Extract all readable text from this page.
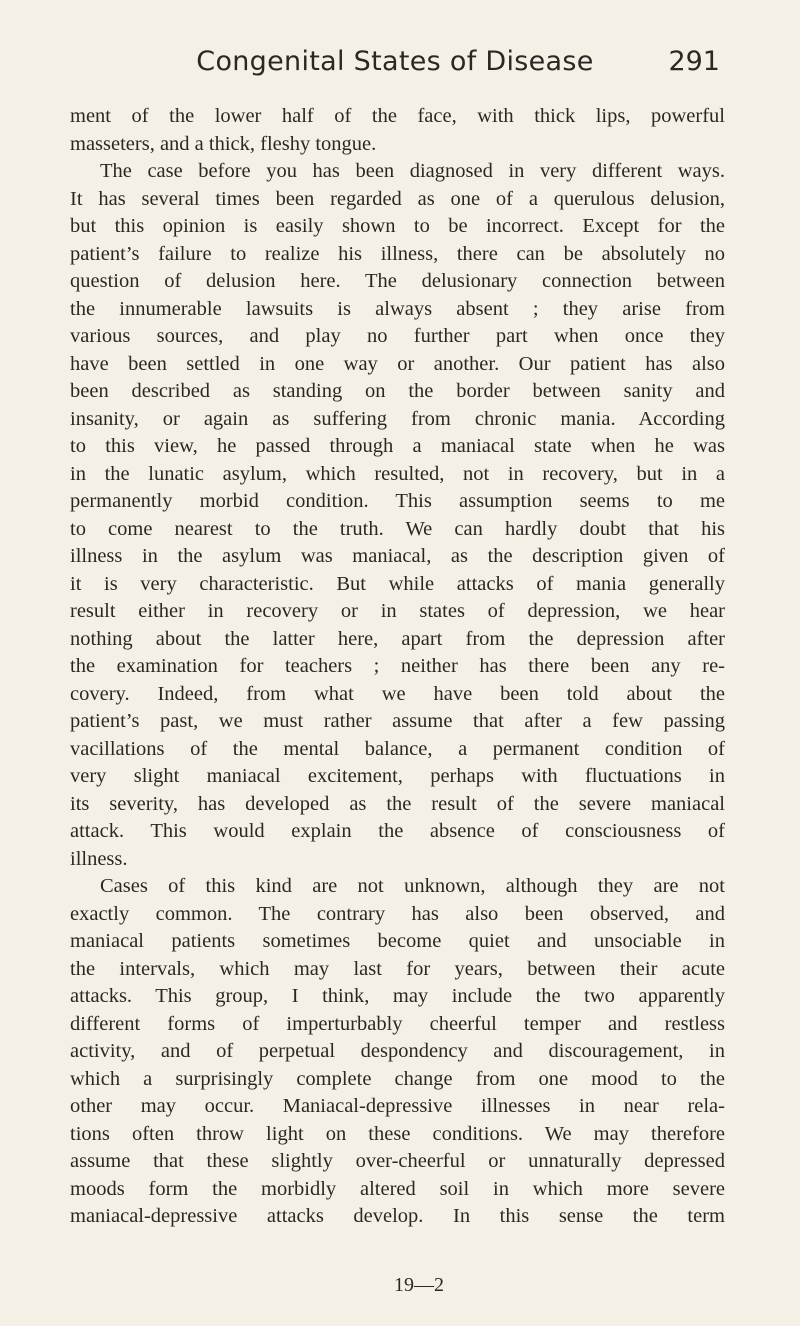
Congenital States of Disease	291
ment of the lower half of the face, with thick lips, powerful
masseters, and a thick, fleshy tongue.
The case before you has been diagnosed in very different ways.
It has several times been regarded as one of a querulous delusion,
but this opinion is easily shown to be incorrect. Except for the
patient’s failure to realize his illness, there can be absolutely no
question of delusion here. The delusionary connection between
the innumerable lawsuits is always absent ; they arise from
various sources, and play no further part when once they
have been settled in one way or another. Our patient has also
been described as standing on the border between sanity and
insanity, or again as suffering from chronic mania. According
to this view, he passed through a maniacal state when he was
in the lunatic asylum, which resulted, not in recovery, but in a
permanently morbid condition. This assumption seems to me
to come nearest to the truth. We can hardly doubt that his
illness in the asylum was maniacal, as the description given of
it is very characteristic. But while attacks of mania generally
result either in recovery or in states of depression, we hear
nothing about the latter here, apart from the depression after
the examination for teachers ; neither has there been any re-
covery. Indeed, from what we have been told about the
patient’s past, we must rather assume that after a few passing
vacillations of the mental balance, a permanent condition of
very slight maniacal excitement, perhaps with fluctuations in
its severity, has developed as the result of the severe maniacal
attack. This would explain the absence of consciousness of
illness.
Cases of this kind are not unknown, although they are not
exactly common. The contrary has also been observed, and
maniacal patients sometimes become quiet and unsociable in
the intervals, which may last for years, between their acute
attacks. This group, I think, may include the two apparently
different forms of imperturbably cheerful temper and restless
activity, and of perpetual despondency and discouragement, in
which a surprisingly complete change from one mood to the
other may occur. Maniacal-depressive illnesses in near rela-
tions often throw light on these conditions. We may therefore
assume that these slightly over-cheerful or unnaturally depressed
moods form the morbidly altered soil in which more severe
maniacal-depressive attacks develop. In this sense the term
19—2
